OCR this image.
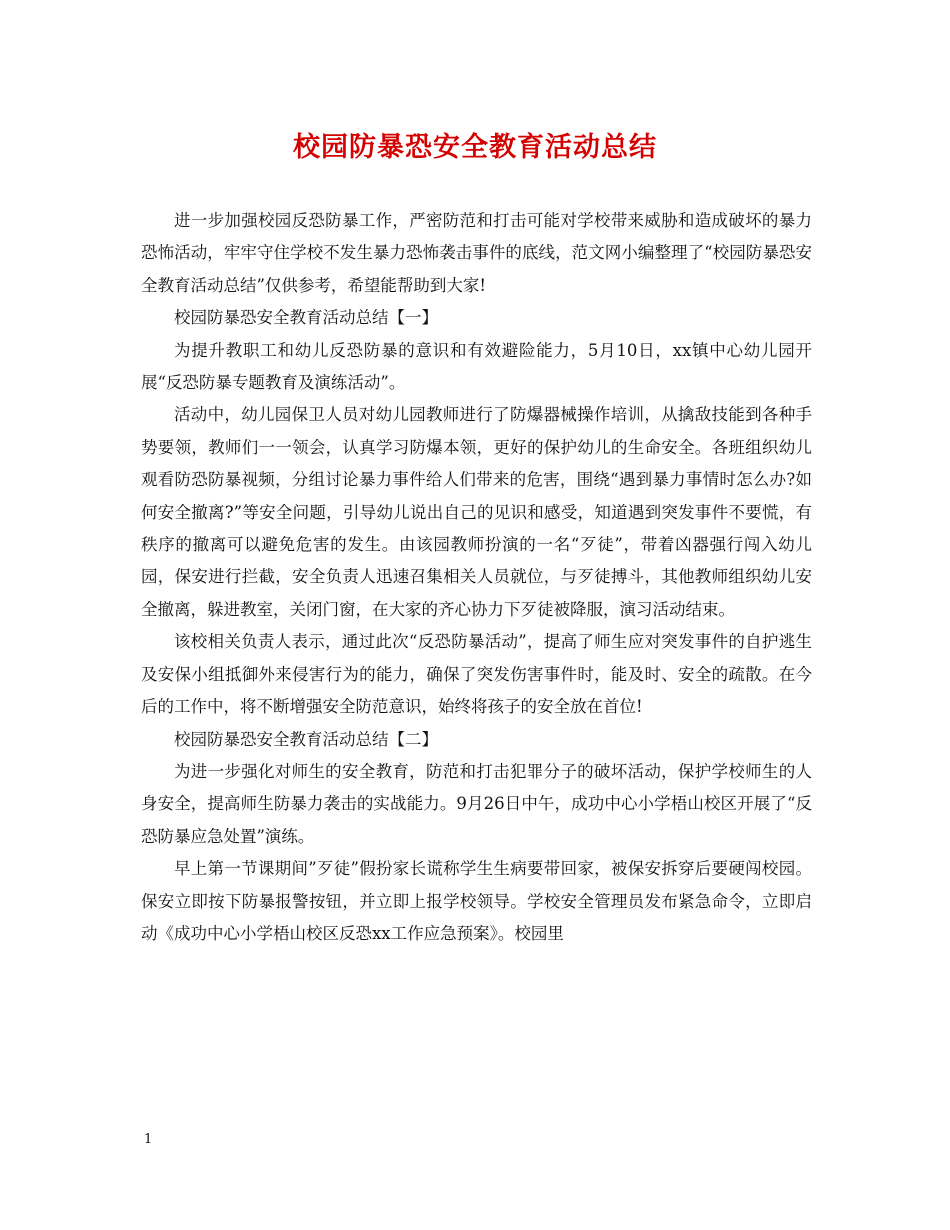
校园防暴恐安全教育活动总结

进一步加强校园反恐防暴工作，严密防范和打击可能对学校带来威胁和造成破坏的暴力恐怖活动，牢牢守住学校不发生暴力恐怖袭击事件的底线，范文网小编整理了“校园防暴恐安全教育活动总结”仅供参考，希望能帮助到大家!

校园防暴恐安全教育活动总结【一】

为提升教职工和幼儿反恐防暴的意识和有效避险能力，5月10日，xx镇中心幼儿园开展“反恐防暴专题教育及演练活动”。

活动中，幼儿园保卫人员对幼儿园教师进行了防爆器械操作培训，从擒敌技能到各种手势要领，教师们一一领会，认真学习防爆本领，更好的保护幼儿的生命安全。各班组织幼儿观看防恐防暴视频，分组讨论暴力事件给人们带来的危害，围绕“遇到暴力事情时怎么办?如何安全撤离?”等安全问题，引导幼儿说出自己的见识和感受，知道遇到突发事件不要慌，有秩序的撤离可以避免危害的发生。由该园教师扮演的一名“歹徒”，带着凶器强行闯入幼儿园，保安进行拦截，安全负责人迅速召集相关人员就位，与歹徒搏斗，其他教师组织幼儿安全撤离，躲进教室，关闭门窗，在大家的齐心协力下歹徒被降服，演习活动结束。

该校相关负责人表示，通过此次“反恐防暴活动”，提高了师生应对突发事件的自护逃生及安保小组抵御外来侵害行为的能力，确保了突发伤害事件时，能及时、安全的疏散。在今后的工作中，将不断增强安全防范意识，始终将孩子的安全放在首位!

校园防暴恐安全教育活动总结【二】

为进一步强化对师生的安全教育，防范和打击犯罪分子的破坏活动，保护学校师生的人身安全，提高师生防暴力袭击的实战能力。9月26日中午，成功中心小学梧山校区开展了“反恐防暴应急处置”演练。

早上第一节课期间”歹徒”假扮家长谎称学生生病要带回家，被保安拆穿后要硬闯校园。保安立即按下防暴报警按钮，并立即上报学校领导。学校安全管理员发布紧急命令，立即启动《成功中心小学梧山校区反恐xx工作应急预案》。校园里

1
